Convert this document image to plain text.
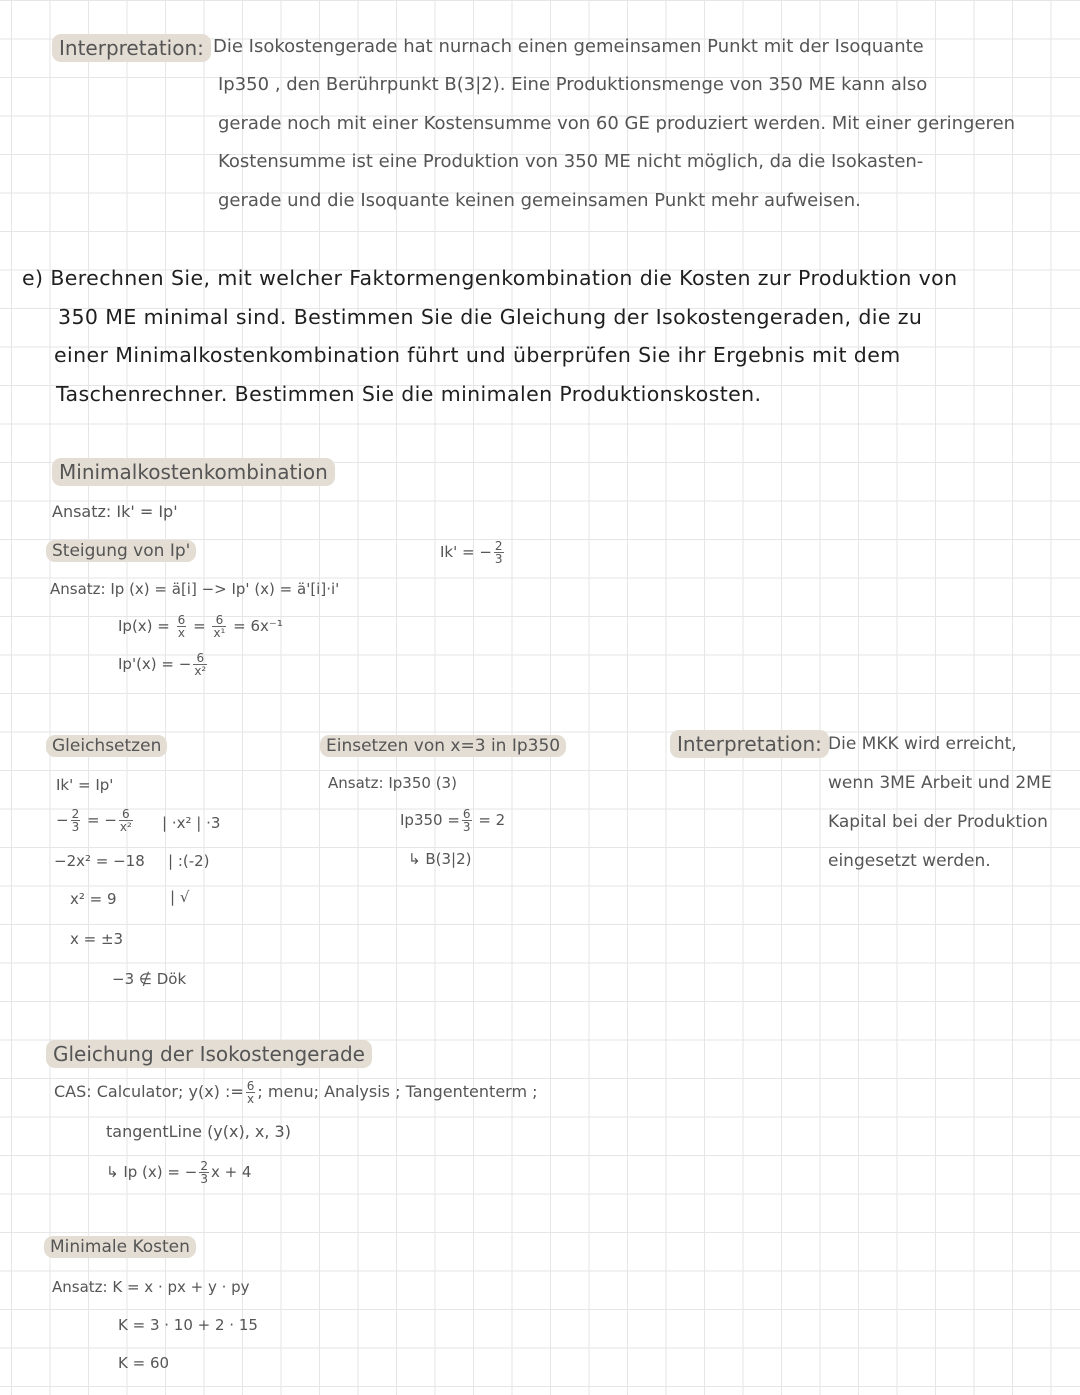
Interpretation: Die Isokostengerade hat nurnach einen gemeinsamen Punkt mit der Isoquante
Ip350 , den Berührpunkt B(3|2). Eine Produktionsmenge von 350 ME kann also
gerade noch mit einer Kostensumme von 60 GE produziert werden. Mit einer geringeren
Kostensumme ist eine Produktion von 350 ME nicht möglich, da die Isokasten-
gerade und die Isoquante keinen gemeinsamen Punkt mehr aufweisen.
e) Berechnen Sie, mit welcher Faktormengenkombination die Kosten zur Produktion von
350 ME minimal sind. Bestimmen Sie die Gleichung der Isokostengeraden, die zu
einer Minimalkostenkombination führt und überprüfen Sie ihr Ergebnis mit dem
Taschenrechner. Bestimmen Sie die minimalen Produktionskosten.
Minimalkostenkombination
Ansatz: Ik' = Ip'
Steigung von Ip'	Ik' = − $\frac{2}{3}$
Ansatz: Ip (x) = ä[i] −> Ip' (x) = ä'[i]·i'
$Ip(x) = \frac{6}{x} = \frac{6}{\text{x¹}} = 6x^{-1}$
Ip'(x) = − $\frac{6}{\text{x²}}$
Gleichsetzen
Ik' = Ip'
− $\frac{2}{3}$ = − $\frac{6}{\text{x²}}$ | ·x² | ·3
−2x² = −18 | :(-2)
x² = 9	| √
x = ±3
−3 ∉ Dök
Einsetzen von x=3 in Ip350
Ansatz: Ip350 (3)
$Ip350 = \frac{6}{3} = 2$
↳ B(3|2)
Interpretation: Die MKK wird erreicht,
wenn 3ME Arbeit und 2ME
Kapital bei der Produktion
eingesetzt werden.
Gleichung der Isokostengerade
CAS: Calculator; y(x) := $\frac{6}{x}$ ; menu; Analysis ; Tangententerm ;
tangentLine (y(x), x, 3)
↳ Ip (x) = − $\frac{2}{3}$ x + 4
Minimale Kosten
Ansatz: K = x · px + y · py
K = 3 · 10 + 2 · 15
K = 60
